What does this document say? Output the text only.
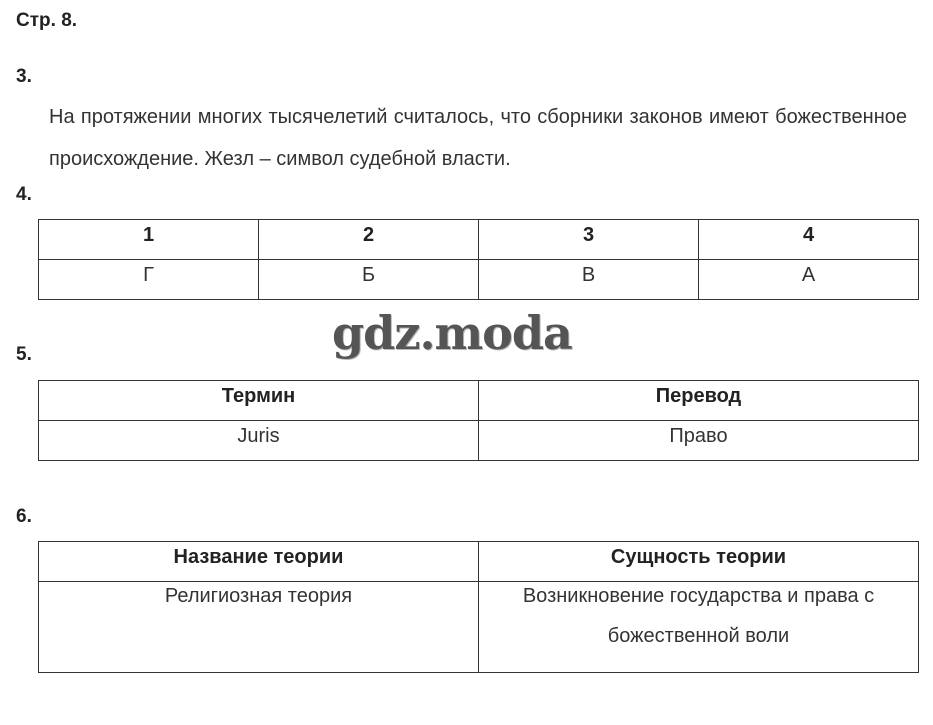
Стр. 8.
3.
На протяжении многих тысячелетий считалось, что сборники законов имеют божественное происхождение. Жезл – символ судебной власти.
4.
1	2	3	4
Г	Б	В	А
gdz.moda
5.
Термин	Перевод
Juris	Право
6.
Название теории	Сущность теории

Религиозная теория	Возникновение государства и права с божественной воли
